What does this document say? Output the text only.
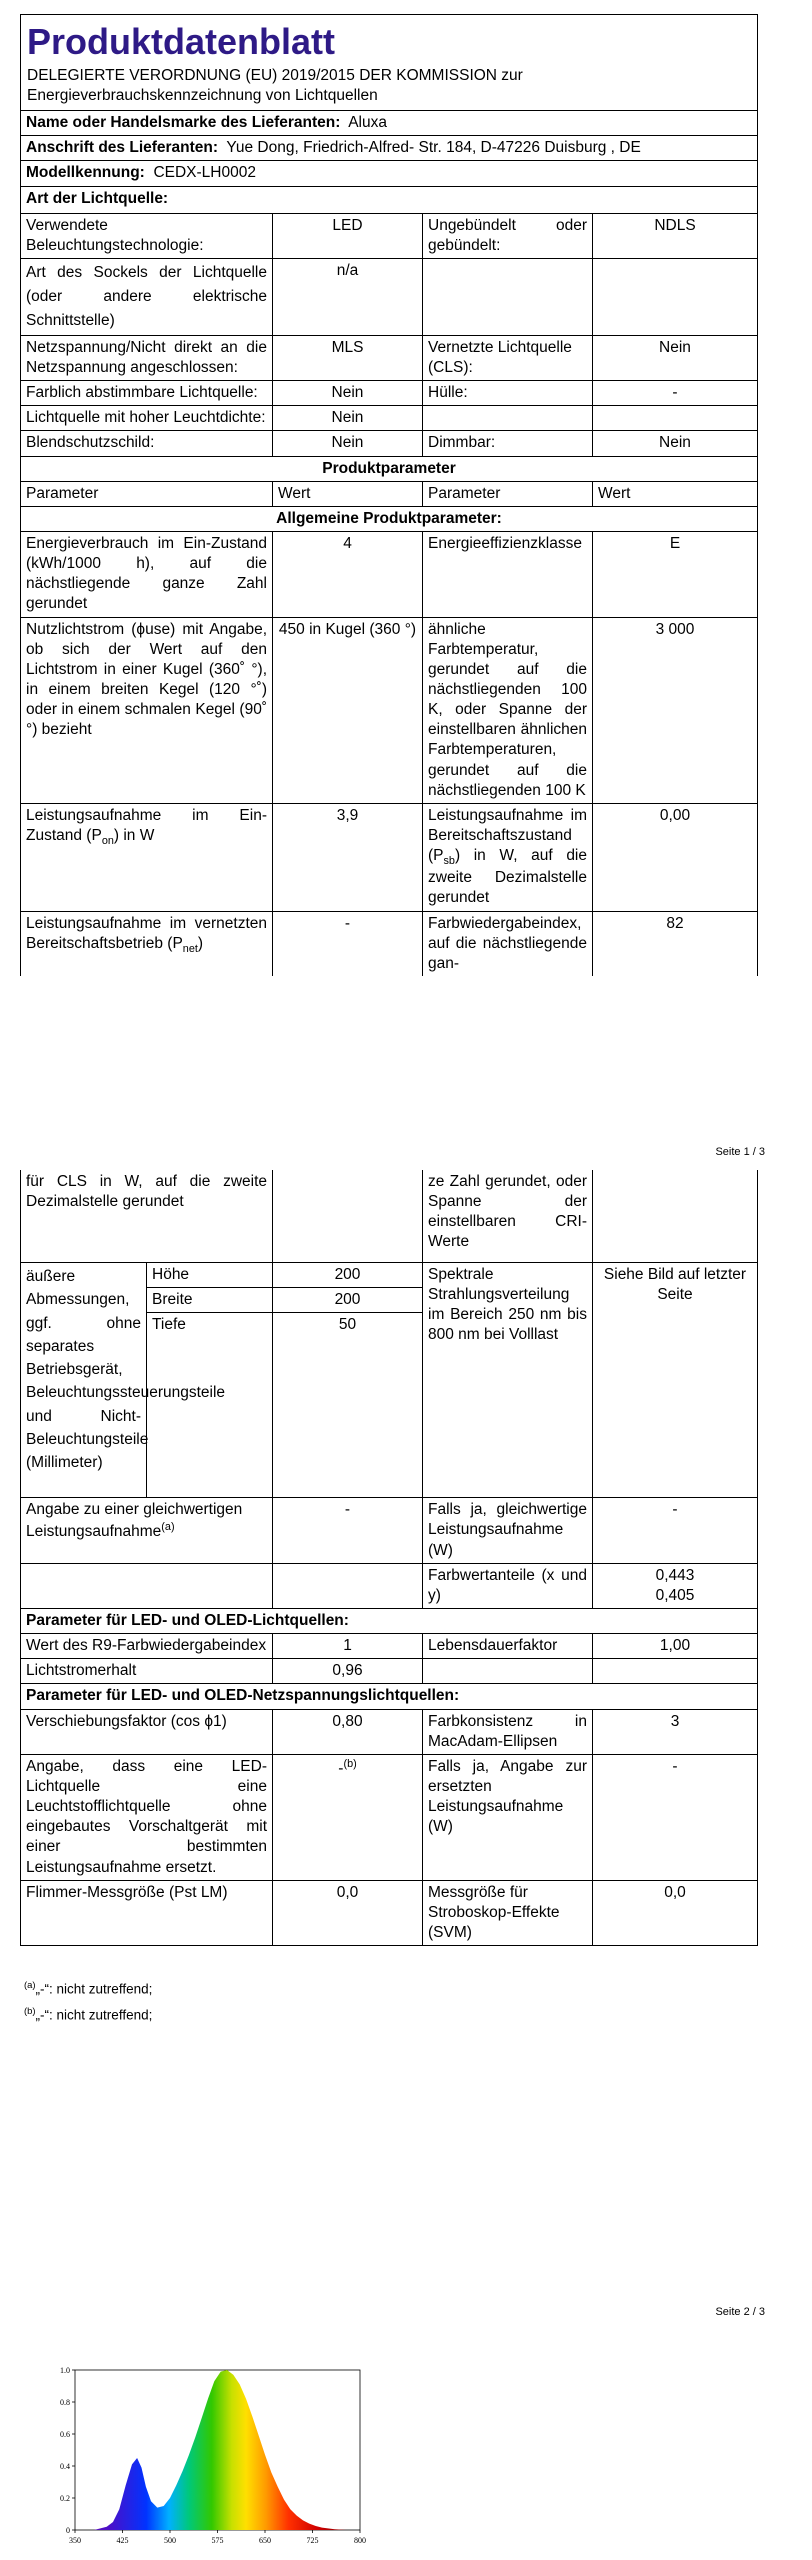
Produktdatenblatt			
DELEGIERTE VERORDNUNG (EU) 2019/2015 DER KOMMISSION zur Energieverbrauchskennzeichnung von Lichtquellen			
Name oder Handelsmarke des Lieferanten: Aluxa			
Anschrift des Lieferanten: Yue Dong, Friedrich-Alfred- Str. 184, D-47226 Duisburg , DE			
Modellkennung: CEDX-LH0002			
Art der Lichtquelle:			
Verwendete Beleuchtungstechnologie:	LED	Ungebündelt oder gebündelt:	NDLS
Art des Sockels der Lichtquelle (oder andere elektrische Schnittstelle)	n/a		
Netzspannung/Nicht direkt an die Netzspannung angeschlossen:	MLS	Vernetzte Lichtquelle (CLS):	Nein
Farblich abstimmbare Lichtquelle:	Nein	Hülle:	-
Lichtquelle mit hoher Leuchtdichte:	Nein		
Blendschutzschild:	Nein	Dimmbar:	Nein
Produktparameter			
Parameter	Wert	Parameter	Wert
Allgemeine Produktparameter:			
Energieverbrauch im Ein-Zustand (kWh/1000 h), auf die nächstliegende ganze Zahl gerundet	4	Energieeffizienzklasse	E
Nutzlichtstrom (ϕuse) mit Angabe, ob sich der Wert auf den Lichtstrom in einer Kugel (360˚ °), in einem breiten Kegel (120 °˚) oder in einem schmalen Kegel (90˚ °) bezieht	450 in Kugel (360 °)	ähnliche Farbtemperatur, gerundet auf die nächstliegenden 100 K, oder Spanne der einstellbaren ähnlichen Farbtemperaturen, gerundet auf die nächstliegenden 100 K	3 000
Leistungsaufnahme im Ein-Zustand $(P_{on})$ in W	3,9	Leistungsaufnahme im Bereitschaftszustand $(P_{sb})$ in W, auf die zweite Dezimalstelle gerundet	0,00
Leistungsaufnahme im vernetzten Bereitschaftsbetrieb $(P_{net})$	-	Farbwiedergabeindex, auf die nächstliegende gan-	82
Seite 1 / 3
für CLS in W, auf die zweite Dezimalstelle gerundet			ze Zahl gerundet, oder Spanne der einstellbaren CRI-Werte	
äußere Abmessungen, ggf. ohne separates Betriebsgerät, Beleuchtungssteuerungsteile und Nicht-Beleuchtungsteile (Millimeter)	Höhe	200	Spektrale Strahlungsverteilung im Bereich 250 nm bis 800 nm bei Volllast	Siehe Bild auf letzter Seite
	Breite	200		
	Tiefe	50		
Angabe zu einer gleichwertigen Leistungsaufnahme$^{(a)}$		-	Falls ja, gleichwertige Leistungsaufnahme (W)	-
			Farbwertanteile (x und y)	0,443
0,405

Parameter für LED- und OLED-Lichtquellen:				
Wert des R9-Farbwiedergabeindex		1	Lebensdauerfaktor	1,00
Lichtstromerhalt		0,96		
Parameter für LED- und OLED-Netzspannungslichtquellen:				
Verschiebungsfaktor (cos ϕ1)		0,80	Farbkonsistenz in MacAdam-Ellipsen	3
Angabe, dass eine LED-Lichtquelle eine Leuchtstofflichtquelle ohne eingebautes Vorschaltgerät mit einer bestimmten Leistungsaufnahme ersetzt.		-$^{(b)}$	Falls ja, Angabe zur ersetzten Leistungsaufnahme (W)	-
Flimmer-Messgröße (Pst LM)		0,0	Messgröße für Stroboskop-Effekte (SVM)	0,0
$^{(a)}$„-“: nicht zutreffend;
$^{(b)}$„-“: nicht zutreffend;
Seite 2 / 3
0
0.2
0.4
0.6
0.8
1.0
350	425	500	575	650	725	800
